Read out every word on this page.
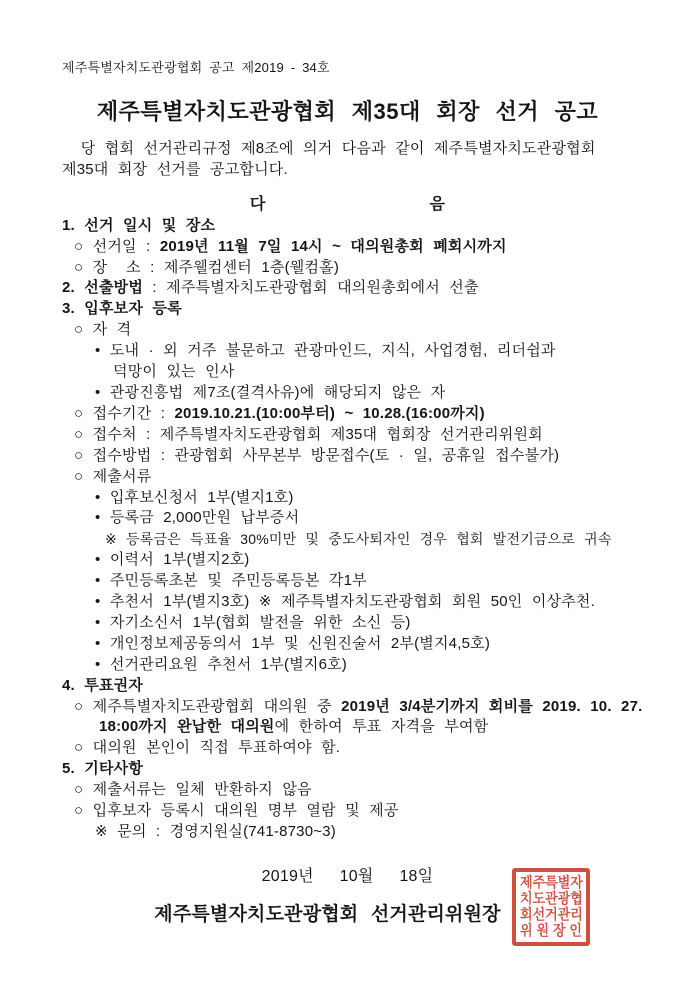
제주특별자치도관광협회 공고 제2019 - 34호
제주특별자치도관광협회 제35대 회장 선거 공고
당 협회 선거관리규정 제8조에 의거 다음과 같이 제주특별자치도관광협회
제35대 회장 선거를 공고합니다.
다                 음
1. 선거 일시 및 장소
○ 선거일 : 2019년 11월 7일 14시 ~ 대의원총회 폐회시까지
○ 장  소 : 제주웰컴센터 1층(웰컴홀)
2. 선출방법 : 제주특별자치도관광협회 대의원총회에서 선출
3. 입후보자 등록
○ 자 격
• 도내 · 외 거주 불문하고 관광마인드, 지식, 사업경험, 리더쉽과
덕망이 있는 인사
• 관광진흥법 제7조(결격사유)에 해당되지 않은 자
○ 접수기간 : 2019.10.21.(10:00부터) ~ 10.28.(16:00까지)
○ 접수처 : 제주특별자치도관광협회 제35대 협회장 선거관리위원회
○ 접수방법 : 관광협회 사무본부 방문접수(토 · 일, 공휴일 접수불가)
○ 제출서류
• 입후보신청서 1부(별지1호)
• 등록금 2,000만원 납부증서
※ 등록금은 득표율 30%미만 및 중도사퇴자인 경우 협회 발전기금으로 귀속
• 이력서 1부(별지2호)
• 주민등록초본 및 주민등록등본 각1부
• 추천서 1부(별지3호) ※ 제주특별자치도관광협회 회원 50인 이상추천.
• 자기소신서 1부(협회 발전을 위한 소신 등)
• 개인정보제공동의서 1부 및 신원진술서 2부(별지4,5호)
• 선거관리요원 추천서 1부(별지6호)
4. 투표권자
○ 제주특별자치도관광협회 대의원 중 2019년 3/4분기까지 회비를 2019. 10. 27.
18:00까지 완납한 대의원에 한하여 투표 자격을 부여함
○ 대의원 본인이 직접 투표하여야 함.
5. 기타사항
○ 제출서류는 일체 반환하지 않음
○ 입후보자 등록시 대의원 명부 열람 및 제공
※ 문의 : 경영지원실(741-8730~3)
2019년   10월   18일
제주특별자치도관광협회 선거관리위원장
제 주 특 별 자
치 도 관 광 협
회 선 거 관 리
위 원 장 인
